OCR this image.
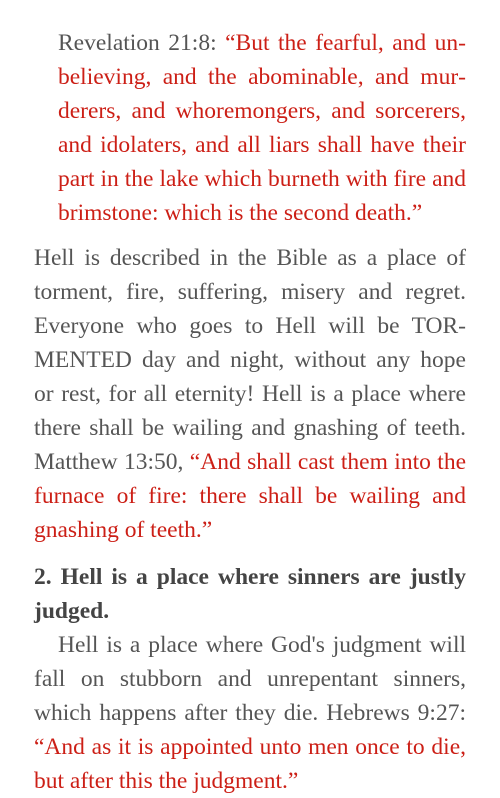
Revelation 21:8: “But the fearful, and unbelieving, and the abominable, and murderers, and whoremongers, and sorcerers, and idolaters, and all liars shall have their part in the lake which burneth with fire and brimstone: which is the second death.”

Hell is described in the Bible as a place of torment, fire, suffering, misery and regret. Everyone who goes to Hell will be TORMENTED day and night, without any hope or rest, for all eternity! Hell is a place where there shall be wailing and gnashing of teeth. Matthew 13:50, “And shall cast them into the furnace of fire: there shall be wailing and gnashing of teeth.”

2. Hell is a place where sinners are justly judged.

Hell is a place where God's judgment will fall on stubborn and unrepentant sinners, which happens after they die. Hebrews 9:27: “And as it is appointed unto men once to die, but after this the judgment.”
